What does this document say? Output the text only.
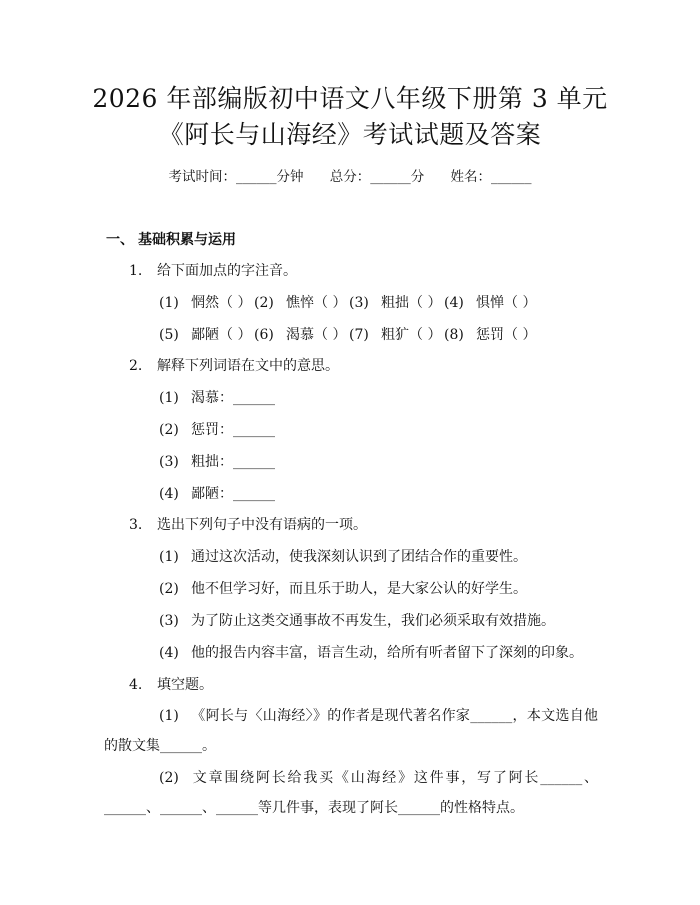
2026 年部编版初中语文八年级下册第 3 单元
《阿长与山海经》考试试题及答案
考试时间：______分钟 总分：______分 姓名：______
一、 基础积累与运用
1. 给下面加点的字注音。
(1) 惘然（ ） (2) 憔悴（ ） (3) 粗拙（ ） (4) 惧惮（ ）
(5) 鄙陋（ ） (6) 渴慕（ ） (7) 粗犷（ ） (8) 惩罚（ ）
2. 解释下列词语在文中的意思。
(1) 渴慕：______
(2) 惩罚：______
(3) 粗拙：______
(4) 鄙陋：______
3. 选出下列句子中没有语病的一项。
(1) 通过这次活动，使我深刻认识到了团结合作的重要性。
(2) 他不但学习好，而且乐于助人，是大家公认的好学生。
(3) 为了防止这类交通事故不再发生，我们必须采取有效措施。
(4) 他的报告内容丰富，语言生动，给所有听者留下了深刻的印象。
4. 填空题。
(1) 《阿长与〈山海经〉》的作者是现代著名作家______，本文选自他的散文集______。
(2) 文章围绕阿长给我买《山海经》这件事，写了阿长______、______、______、______等几件事，表现了阿长______的性格特点。
